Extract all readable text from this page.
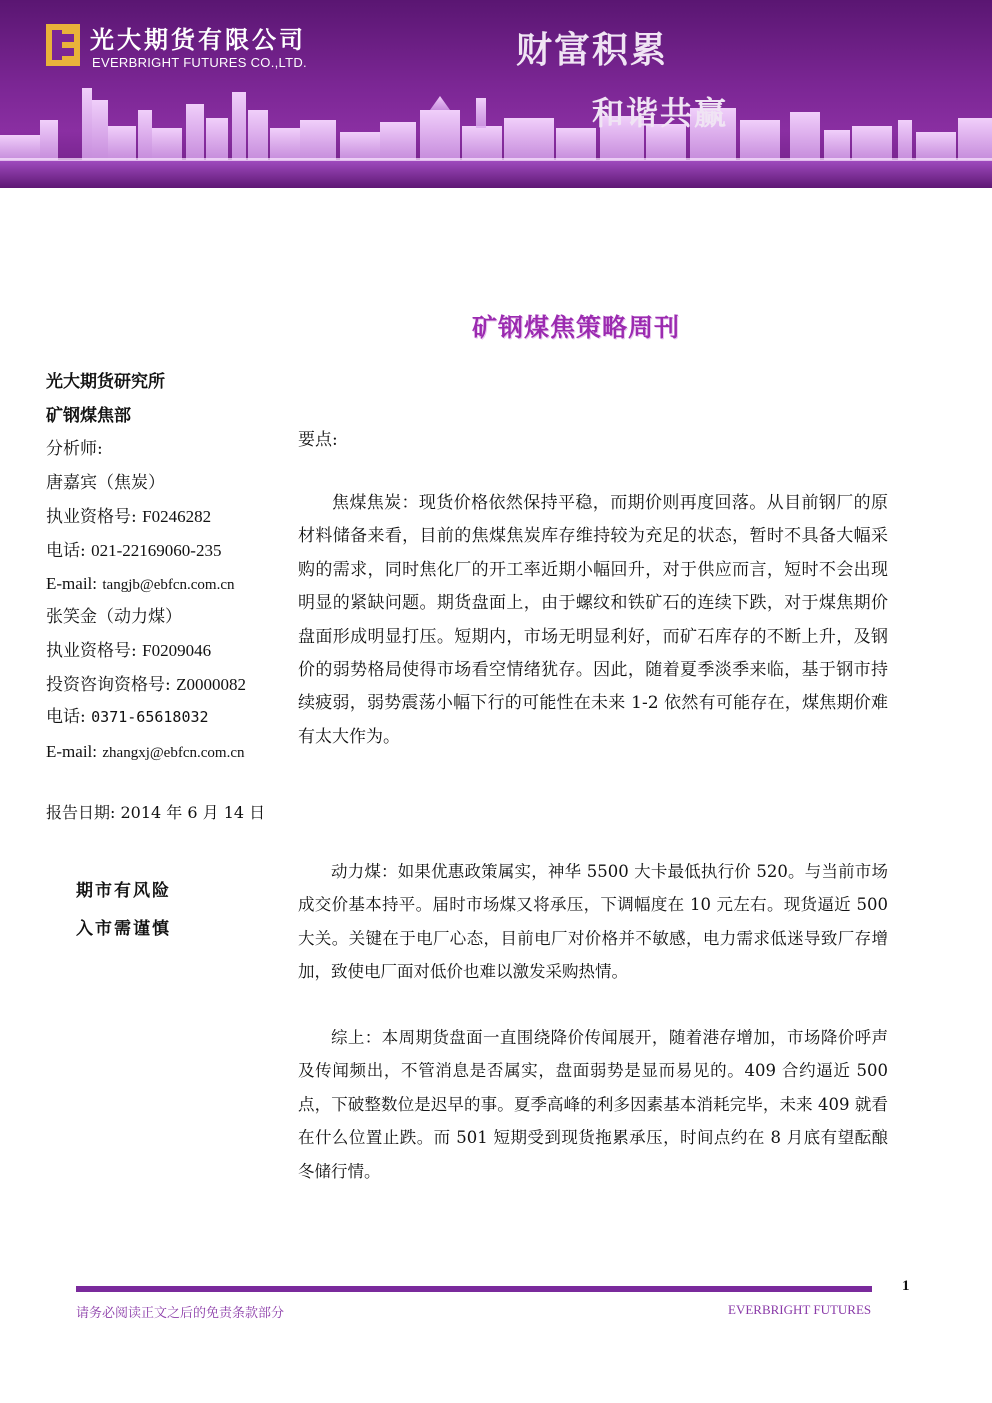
光大期货有限公司
EVERBRIGHT FUTURES CO.,LTD.	财富积累
和谐共赢
矿钢煤焦策略周刊
光大期货研究所
矿钢煤焦部
分析师:
唐嘉宾（焦炭）
执业资格号: F0246282
电话: 021-22169060-235
E-mail: tangjb@ebfcn.com.cn
张笑金（动力煤）
执业资格号: F0209046
投资咨询资格号: Z0000082
电话: 0371-65618032
E-mail: zhangxj@ebfcn.com.cn
报告日期: 2014 年 6 月 14 日
期市有风险
入市需谨慎
要点:

焦煤焦炭：现货价格依然保持平稳，而期价则再度回落。从目前钢厂的原材料储备来看，目前的焦煤焦炭库存维持较为充足的状态，暂时不具备大幅采购的需求，同时焦化厂的开工率近期小幅回升，对于供应而言，短时不会出现明显的紧缺问题。期货盘面上，由于螺纹和铁矿石的连续下跌，对于煤焦期价盘面形成明显打压。短期内，市场无明显利好，而矿石库存的不断上升，及钢价的弱势格局使得市场看空情绪犹存。因此，随着夏季淡季来临，基于钢市持续疲弱，弱势震荡小幅下行的可能性在未来 1-2 依然有可能存在，煤焦期价难有太大作为。

动力煤：如果优惠政策属实，神华 5500 大卡最低执行价 520。与当前市场成交价基本持平。届时市场煤又将承压，下调幅度在 10 元左右。现货逼近 500 大关。关键在于电厂心态，目前电厂对价格并不敏感，电力需求低迷导致厂存增加，致使电厂面对低价也难以激发采购热情。

综上：本周期货盘面一直围绕降价传闻展开，随着港存增加，市场降价呼声及传闻频出，不管消息是否属实，盘面弱势是显而易见的。409 合约逼近 500 点，下破整数位是迟早的事。夏季高峰的利多因素基本消耗完毕，未来 409 就看在什么位置止跌。而 501 短期受到现货拖累承压，时间点约在 8 月底有望酝酿冬储行情。

1
请务必阅读正文之后的免责条款部分	EVERBRIGHT FUTURES
